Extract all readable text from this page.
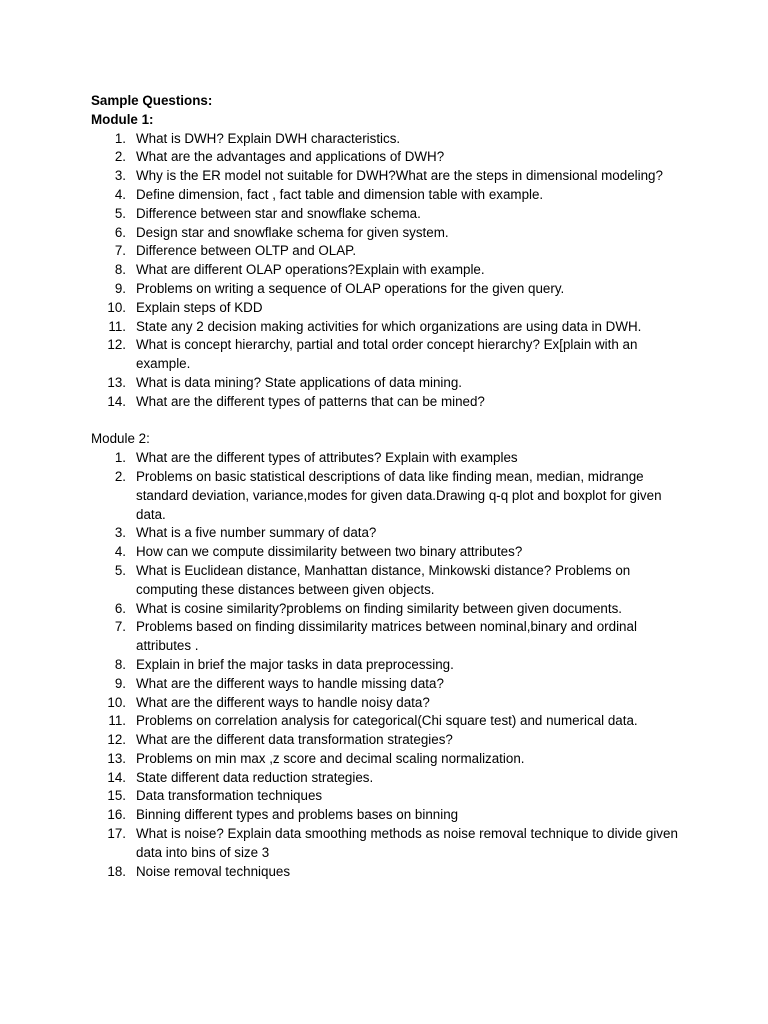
Sample Questions:

Module 1:

1. What is DWH? Explain DWH characteristics.
2. What are the advantages and applications of DWH?
3. Why is the ER model not suitable for DWH?What are the steps in dimensional modeling?
4. Define dimension, fact , fact table and dimension table with example.
5. Difference between star and snowflake schema.
6. Design star and snowflake schema for given system.
7. Difference between OLTP and OLAP.
8. What are different OLAP operations?Explain with example.
9. Problems on writing a sequence of OLAP operations for the given query.
10. Explain steps of KDD
11. State any 2 decision making activities for which organizations are using data in DWH.
12. What is concept hierarchy, partial and total order concept hierarchy? Ex[plain with an example.
13. What is data mining? State applications of data mining.
14. What are the different types of patterns that can be mined?

Module 2:

1. What are the different types of attributes? Explain with examples
2. Problems on basic statistical descriptions of data like finding mean, median, midrange standard deviation, variance,modes for given data.Drawing q-q plot and boxplot for given data.
3. What is a five number summary of data?
4. How can we compute dissimilarity between two binary attributes?
5. What is Euclidean distance, Manhattan distance, Minkowski distance? Problems on computing these distances between given objects.
6. What is cosine similarity?problems on finding similarity between given documents.
7. Problems based on finding dissimilarity matrices between nominal,binary and ordinal attributes .
8. Explain in brief the major tasks in data preprocessing.
9. What are the different ways to handle missing data?
10. What are the different ways to handle noisy data?
11. Problems on correlation analysis for categorical(Chi square test) and numerical data.
12. What are the different data transformation strategies?
13. Problems on min max ,z score and decimal scaling normalization.
14. State different data reduction strategies.
15. Data transformation techniques
16. Binning different types and problems bases on binning
17. What is noise? Explain data smoothing methods as noise removal technique to divide given data into bins of size 3
18. Noise removal techniques
